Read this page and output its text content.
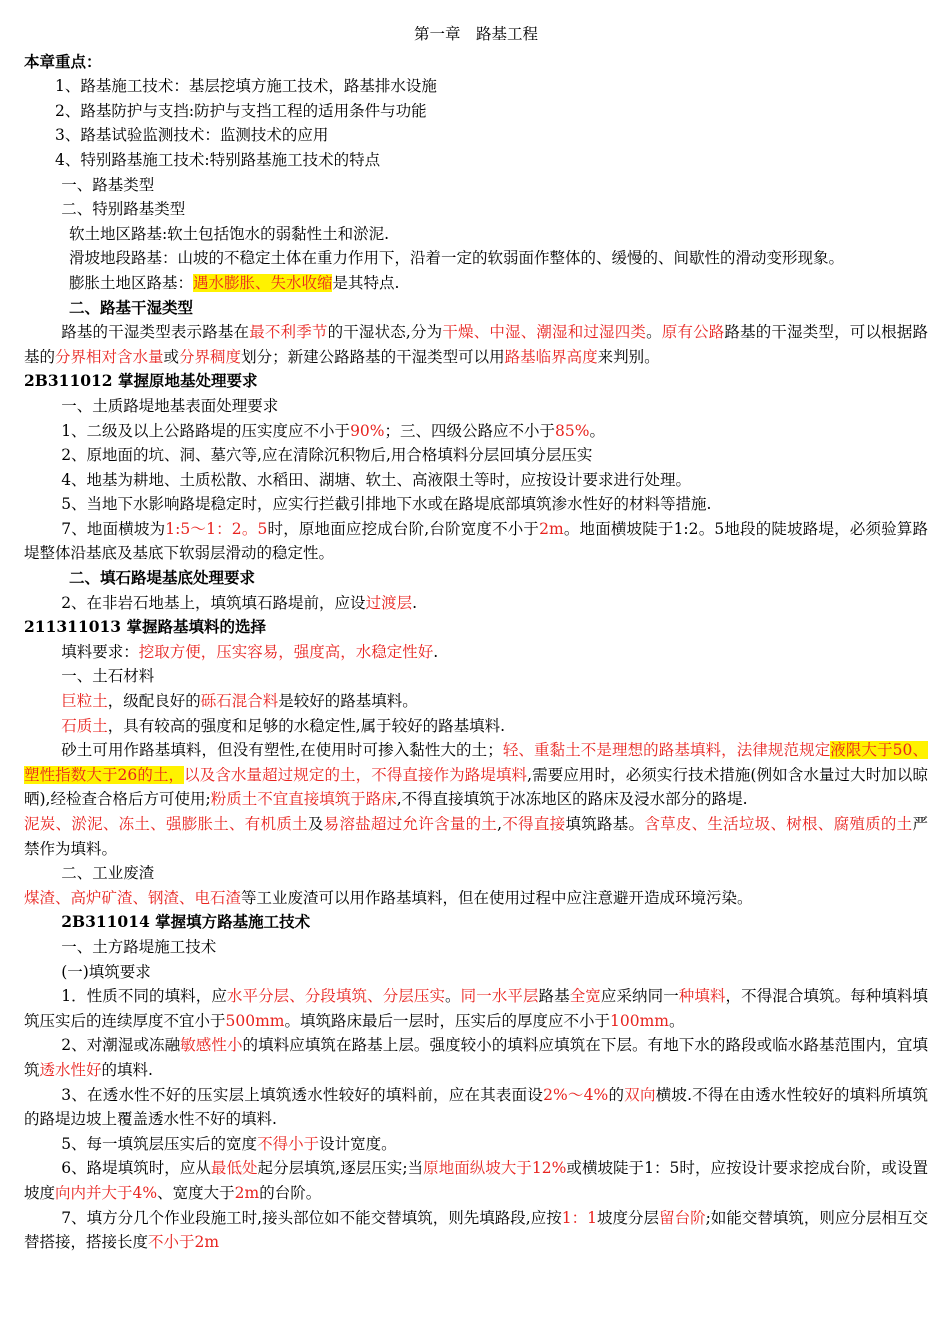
第一章　路基工程

本章重点：

1、路基施工技术：基层挖填方施工技术，路基排水设施

2、路基防护与支挡:防护与支挡工程的适用条件与功能

3、路基试验监测技术：监测技术的应用

4、特别路基施工技术:特别路基施工技术的特点

一、路基类型

二、特别路基类型

软土地区路基:软土包括饱水的弱黏性土和淤泥.

滑坡地段路基：山坡的不稳定土体在重力作用下，沿着一定的软弱面作整体的、缓慢的、间歇性的滑动变形现象。

膨胀土地区路基：遇水膨胀、失水收缩是其特点.

二、路基干湿类型

路基的干湿类型表示路基在最不利季节的干湿状态,分为干燥、中湿、潮湿和过湿四类。原有公路路基的干湿类型，可以根据路基的分界相对含水量或分界稠度划分；新建公路路基的干湿类型可以用路基临界高度来判别。

2B311012 掌握原地基处理要求

一、土质路堤地基表面处理要求

1、二级及以上公路路堤的压实度应不小于90%；三、四级公路应不小于85%。

2、原地面的坑、洞、墓穴等,应在清除沉积物后,用合格填料分层回填分层压实

4、地基为耕地、土质松散、水稻田、湖塘、软土、高液限土等时，应按设计要求进行处理。

5、当地下水影响路堤稳定时，应实行拦截引排地下水或在路堤底部填筑渗水性好的材料等措施.

7、地面横坡为1:5～1：2。5时，原地面应挖成台阶,台阶宽度不小于2m。地面横坡陡于1:2。5地段的陡坡路堤，必须验算路堤整体沿基底及基底下软弱层滑动的稳定性。

二、填石路堤基底处理要求

2、在非岩石地基上，填筑填石路堤前，应设过渡层.

211311013 掌握路基填料的选择

填料要求：挖取方便，压实容易，强度高，水稳定性好.

一、土石材料

巨粒土，级配良好的砾石混合料是较好的路基填料。

石质土，具有较高的强度和足够的水稳定性,属于较好的路基填料.

砂土可用作路基填料，但没有塑性,在使用时可掺入黏性大的土；轻、重黏土不是理想的路基填料，法律规范规定液限大于50、塑性指数大于26的土，以及含水量超过规定的土，不得直接作为路堤填料,需要应用时，必须实行技术措施(例如含水量过大时加以晾晒),经检查合格后方可使用;粉质土不宜直接填筑于路床,不得直接填筑于冰冻地区的路床及浸水部分的路堤.

泥炭、淤泥、冻土、强膨胀土、有机质土及易溶盐超过允许含量的土,不得直接填筑路基。含草皮、生活垃圾、树根、腐殖质的土严禁作为填料。

二、工业废渣

煤渣、高炉矿渣、钢渣、电石渣等工业废渣可以用作路基填料，但在使用过程中应注意避开造成环境污染。

2B311014 掌握填方路基施工技术

一、土方路堤施工技术

(一)填筑要求

1．性质不同的填料，应水平分层、分段填筑、分层压实。同一水平层路基全宽应采纳同一种填料，不得混合填筑。每种填料填筑压实后的连续厚度不宜小于500mm。填筑路床最后一层时，压实后的厚度应不小于100mm。

2、对潮湿或冻融敏感性小的填料应填筑在路基上层。强度较小的填料应填筑在下层。有地下水的路段或临水路基范围内，宜填筑透水性好的填料.

3、在透水性不好的压实层上填筑透水性较好的填料前，应在其表面设2%～4%的双向横坡.不得在由透水性较好的填料所填筑的路堤边坡上覆盖透水性不好的填料.

5、每一填筑层压实后的宽度不得小于设计宽度。

6、路堤填筑时，应从最低处起分层填筑,逐层压实;当原地面纵坡大于12%或横坡陡于1：5时，应按设计要求挖成台阶，或设置坡度向内并大于4%、宽度大于2m的台阶。

7、填方分几个作业段施工时,接头部位如不能交替填筑，则先填路段,应按1：1坡度分层留台阶;如能交替填筑，则应分层相互交替搭接，搭接长度不小于2m
